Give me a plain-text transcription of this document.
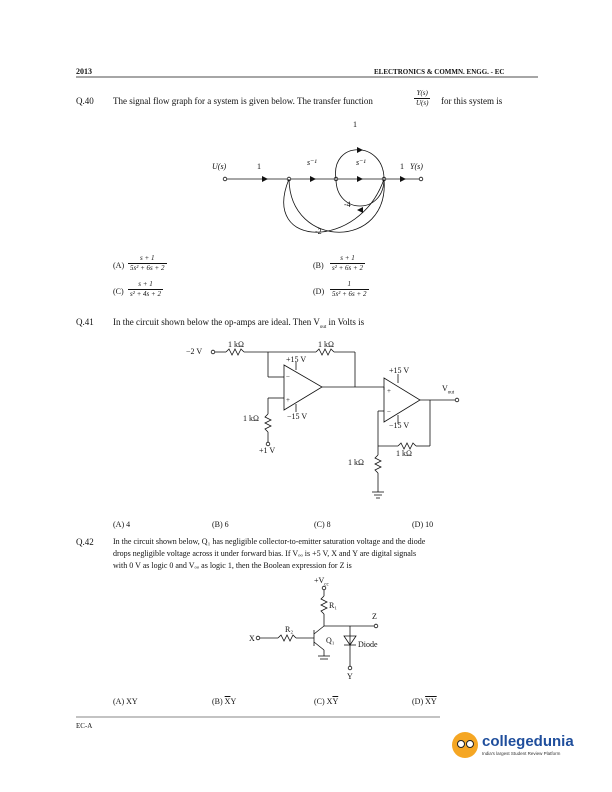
2013	ELECTRONICS & COMMN. ENGG. - EC
Q.40 The signal flow graph for a system is given below. The transfer function	$\frac{Y(s)}{U(s)}$ for this system is
U(s)	1	s⁻¹	s⁻¹	1 Y(s)
1
-4
-2
$(A) \frac{s + 1}{\text{5s² + 6s + 2}}$	$(B) \frac{s + 1}{\text{s² + 6s + 2}}$
$(C) \frac{s + 1}{\text{s² + 4s + 2}}$	$(D) \frac{1}{\text{5s² + 6s + 2}}$
Q.41 In the circuit shown below the op-amps are ideal. Then $V_{out}$ in Volts is
−
+
+
−
−2 V
1 kΩ	1 kΩ
+15 V
−15 V
1 kΩ
+1 V
+15 V
−15 V
1 kΩ
1 kΩ
$V_{out}$
(A) 4	(B) 6	(C) 8	(D) 10
Q.42 In the circuit shown below, Q₁ has negligible collector-to-emitter saturation voltage and the diode
drops negligible voltage across it under forward bias. If Vₒₒ is +5 V, X and Y are digital signals
with 0 V as logic 0 and Vₒₒ as logic 1, then the Boolean expression for Z is
$+V_{cc}$
R₁
R₂
Z
X	Q₁	Diode
Y
(A) XY	(B) $\overline{X}Y$	(C) $X\overline{Y}$	(D) $\overline{XY}$
EC-A
collegedunia
India's largest Student Review Platform
